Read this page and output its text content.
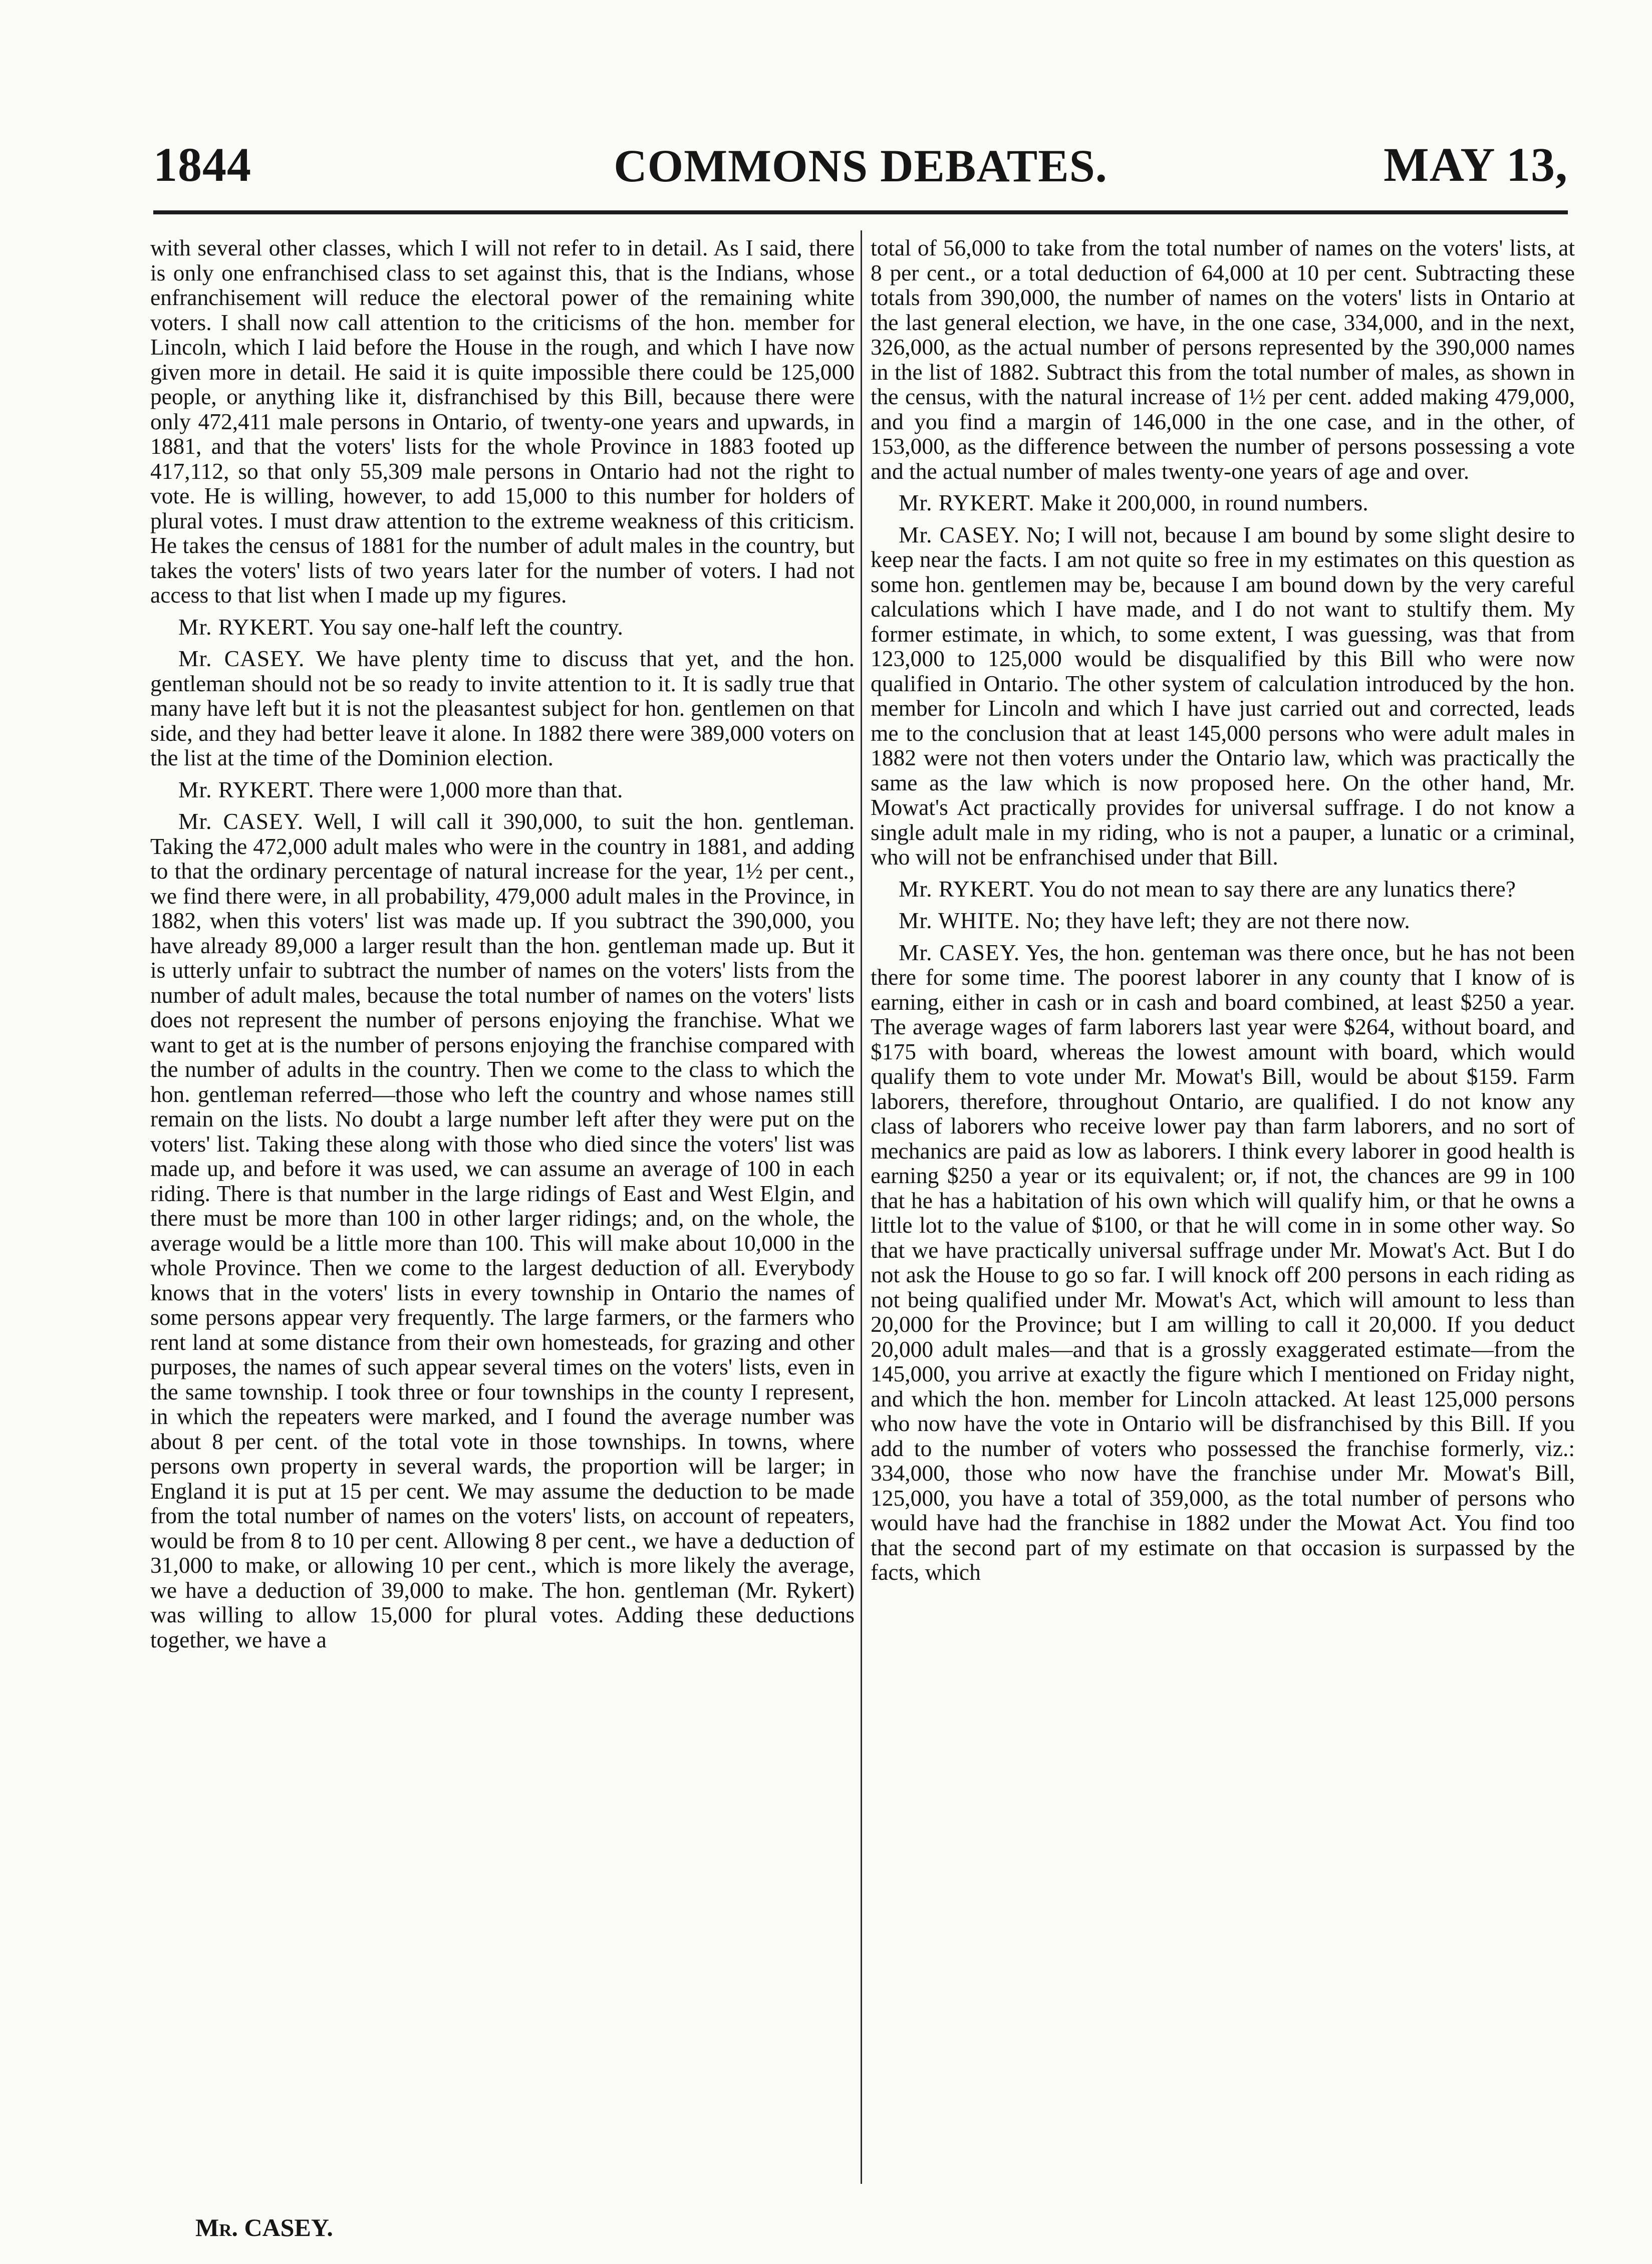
1844	COMMONS DEBATES.	MAY 13,

with several other classes, which I will not refer to in detail. As I said, there is only one enfranchised class to set against this, that is the Indians, whose enfranchisement will reduce the electoral power of the remaining white voters. I shall now call attention to the criticisms of the hon. member for Lincoln, which I laid before the House in the rough, and which I have now given more in detail. He said it is quite impossible there could be 125,000 people, or anything like it, disfranchised by this Bill, because there were only 472,411 male persons in Ontario, of twenty-one years and upwards, in 1881, and that the voters' lists for the whole Province in 1883 footed up 417,112, so that only 55,309 male persons in Ontario had not the right to vote. He is willing, however, to add 15,000 to this number for holders of plural votes. I must draw attention to the extreme weakness of this criticism. He takes the census of 1881 for the number of adult males in the country, but takes the voters' lists of two years later for the number of voters. I had not access to that list when I made up my figures.

Mr. RYKERT. You say one-half left the country.

Mr. CASEY. We have plenty time to discuss that yet, and the hon. gentleman should not be so ready to invite attention to it. It is sadly true that many have left but it is not the pleasantest subject for hon. gentlemen on that side, and they had better leave it alone. In 1882 there were 389,000 voters on the list at the time of the Dominion election.

Mr. RYKERT. There were 1,000 more than that.

Mr. CASEY. Well, I will call it 390,000, to suit the hon. gentleman. Taking the 472,000 adult males who were in the country in 1881, and adding to that the ordinary percentage of natural increase for the year, 1½ per cent., we find there were, in all probability, 479,000 adult males in the Province, in 1882, when this voters' list was made up. If you subtract the 390,000, you have already 89,000 a larger result than the hon. gentleman made up. But it is utterly unfair to subtract the number of names on the voters' lists from the number of adult males, because the total number of names on the voters' lists does not represent the number of persons enjoying the franchise. What we want to get at is the number of persons enjoying the franchise compared with the number of adults in the country. Then we come to the class to which the hon. gentleman referred—those who left the country and whose names still remain on the lists. No doubt a large number left after they were put on the voters' list. Taking these along with those who died since the voters' list was made up, and before it was used, we can assume an average of 100 in each riding. There is that number in the large ridings of East and West Elgin, and there must be more than 100 in other larger ridings; and, on the whole, the average would be a little more than 100. This will make about 10,000 in the whole Province. Then we come to the largest deduction of all. Everybody knows that in the voters' lists in every township in Ontario the names of some persons appear very frequently. The large farmers, or the farmers who rent land at some distance from their own homesteads, for grazing and other purposes, the names of such appear several times on the voters' lists, even in the same township. I took three or four townships in the county I represent, in which the repeaters were marked, and I found the average number was about 8 per cent. of the total vote in those townships. In towns, where persons own property in several wards, the proportion will be larger; in England it is put at 15 per cent. We may assume the deduction to be made from the total number of names on the voters' lists, on account of repeaters, would be from 8 to 10 per cent. Allowing 8 per cent., we have a deduction of 31,000 to make, or allowing 10 per cent., which is more likely the average, we have a deduction of 39,000 to make. The hon. gentleman (Mr. Rykert) was willing to allow 15,000 for plural votes. Adding these deductions together, we have a

total of 56,000 to take from the total number of names on the voters' lists, at 8 per cent., or a total deduction of 64,000 at 10 per cent. Subtracting these totals from 390,000, the number of names on the voters' lists in Ontario at the last general election, we have, in the one case, 334,000, and in the next, 326,000, as the actual number of persons represented by the 390,000 names in the list of 1882. Subtract this from the total number of males, as shown in the census, with the natural increase of 1½ per cent. added making 479,000, and you find a margin of 146,000 in the one case, and in the other, of 153,000, as the difference between the number of persons possessing a vote and the actual number of males twenty-one years of age and over.

Mr. RYKERT. Make it 200,000, in round numbers.

Mr. CASEY. No; I will not, because I am bound by some slight desire to keep near the facts. I am not quite so free in my estimates on this question as some hon. gentlemen may be, because I am bound down by the very careful calculations which I have made, and I do not want to stultify them. My former estimate, in which, to some extent, I was guessing, was that from 123,000 to 125,000 would be disqualified by this Bill who were now qualified in Ontario. The other system of calculation introduced by the hon. member for Lincoln and which I have just carried out and corrected, leads me to the conclusion that at least 145,000 persons who were adult males in 1882 were not then voters under the Ontario law, which was practically the same as the law which is now proposed here. On the other hand, Mr. Mowat's Act practically provides for universal suffrage. I do not know a single adult male in my riding, who is not a pauper, a lunatic or a criminal, who will not be enfranchised under that Bill.

Mr. RYKERT. You do not mean to say there are any lunatics there?

Mr. WHITE. No; they have left; they are not there now.

Mr. CASEY. Yes, the hon. genteman was there once, but he has not been there for some time. The poorest laborer in any county that I know of is earning, either in cash or in cash and board combined, at least $250 a year. The average wages of farm laborers last year were $264, without board, and $175 with board, whereas the lowest amount with board, which would qualify them to vote under Mr. Mowat's Bill, would be about $159. Farm laborers, therefore, throughout Ontario, are qualified. I do not know any class of laborers who receive lower pay than farm laborers, and no sort of mechanics are paid as low as laborers. I think every laborer in good health is earning $250 a year or its equivalent; or, if not, the chances are 99 in 100 that he has a habitation of his own which will qualify him, or that he owns a little lot to the value of $100, or that he will come in in some other way. So that we have practically universal suffrage under Mr. Mowat's Act. But I do not ask the House to go so far. I will knock off 200 persons in each riding as not being qualified under Mr. Mowat's Act, which will amount to less than 20,000 for the Province; but I am willing to call it 20,000. If you deduct 20,000 adult males—and that is a grossly exaggerated estimate—from the 145,000, you arrive at exactly the figure which I mentioned on Friday night, and which the hon. member for Lincoln attacked. At least 125,000 persons who now have the vote in Ontario will be disfranchised by this Bill. If you add to the number of voters who possessed the franchise formerly, viz.: 334,000, those who now have the franchise under Mr. Mowat's Bill, 125,000, you have a total of 359,000, as the total number of persons who would have had the franchise in 1882 under the Mowat Act. You find too that the second part of my estimate on that occasion is surpassed by the facts, which

Mr. CASEY.
